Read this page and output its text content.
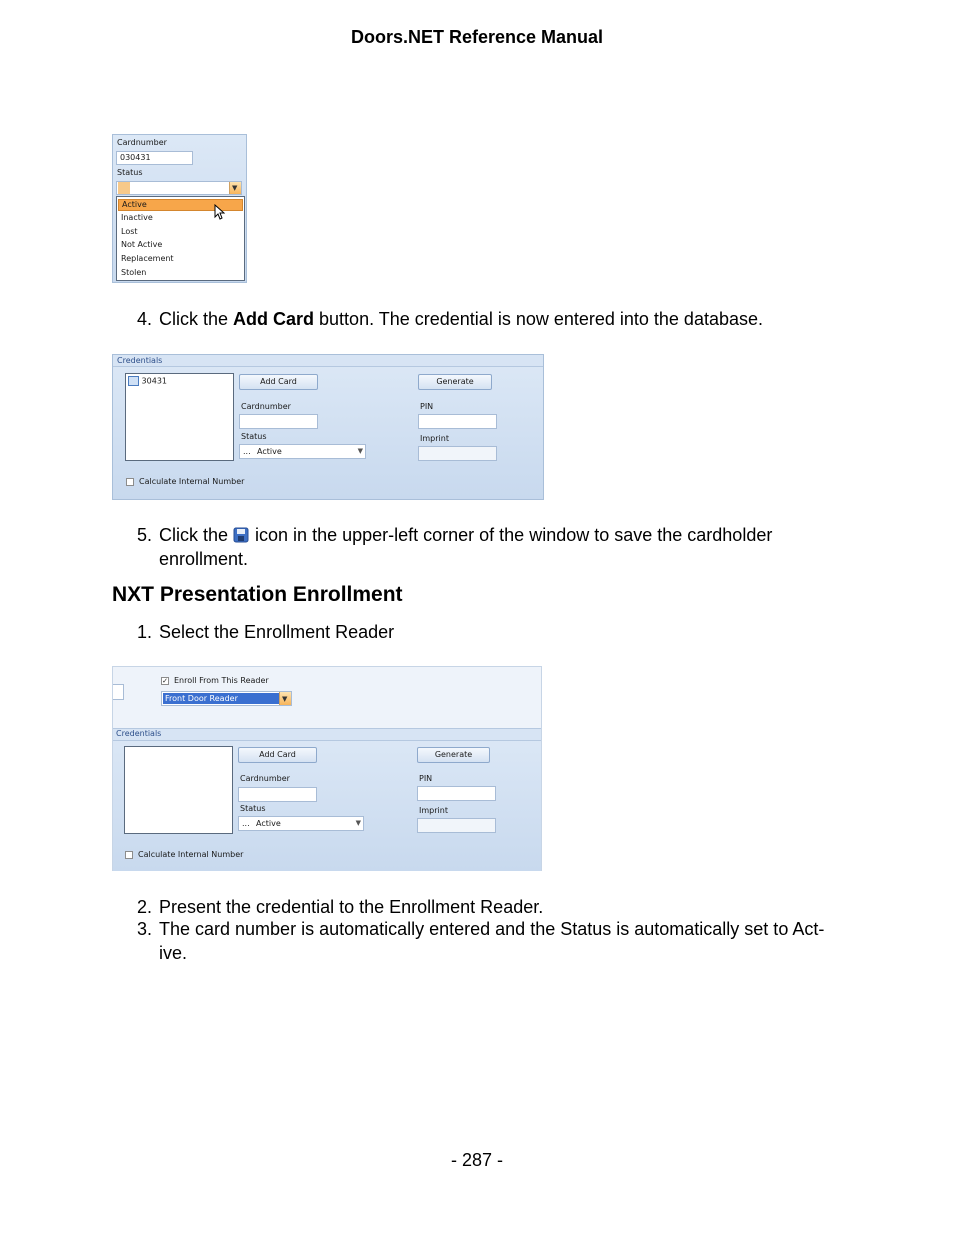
Doors.NET Reference Manual
Cardnumber
030431
Status
...	▼
Active
Inactive
Lost
Not Active
Replacement
Stolen
4. Click the Add Card button. The credential is now entered into the database.
Credentials
30431	Add Card	Generate
Cardnumber	PIN
Status
... Active	▼
Imprint
Calculate Internal Number
5. Click the  icon in the upper-left corner of the window to save the cardholder
enrollment.
NXT Presentation Enrollment
1. Select the Enrollment Reader
✓ Enroll From This Reader
Front Door Reader	▼
Credentials
Add Card	Generate
Cardnumber	PIN
Status
... Active	▼
Imprint
Calculate Internal Number
2. Present the credential to the Enrollment Reader.
3. The card number is automatically entered and the Status is automatically set to Act-
ive.
- 287 -
